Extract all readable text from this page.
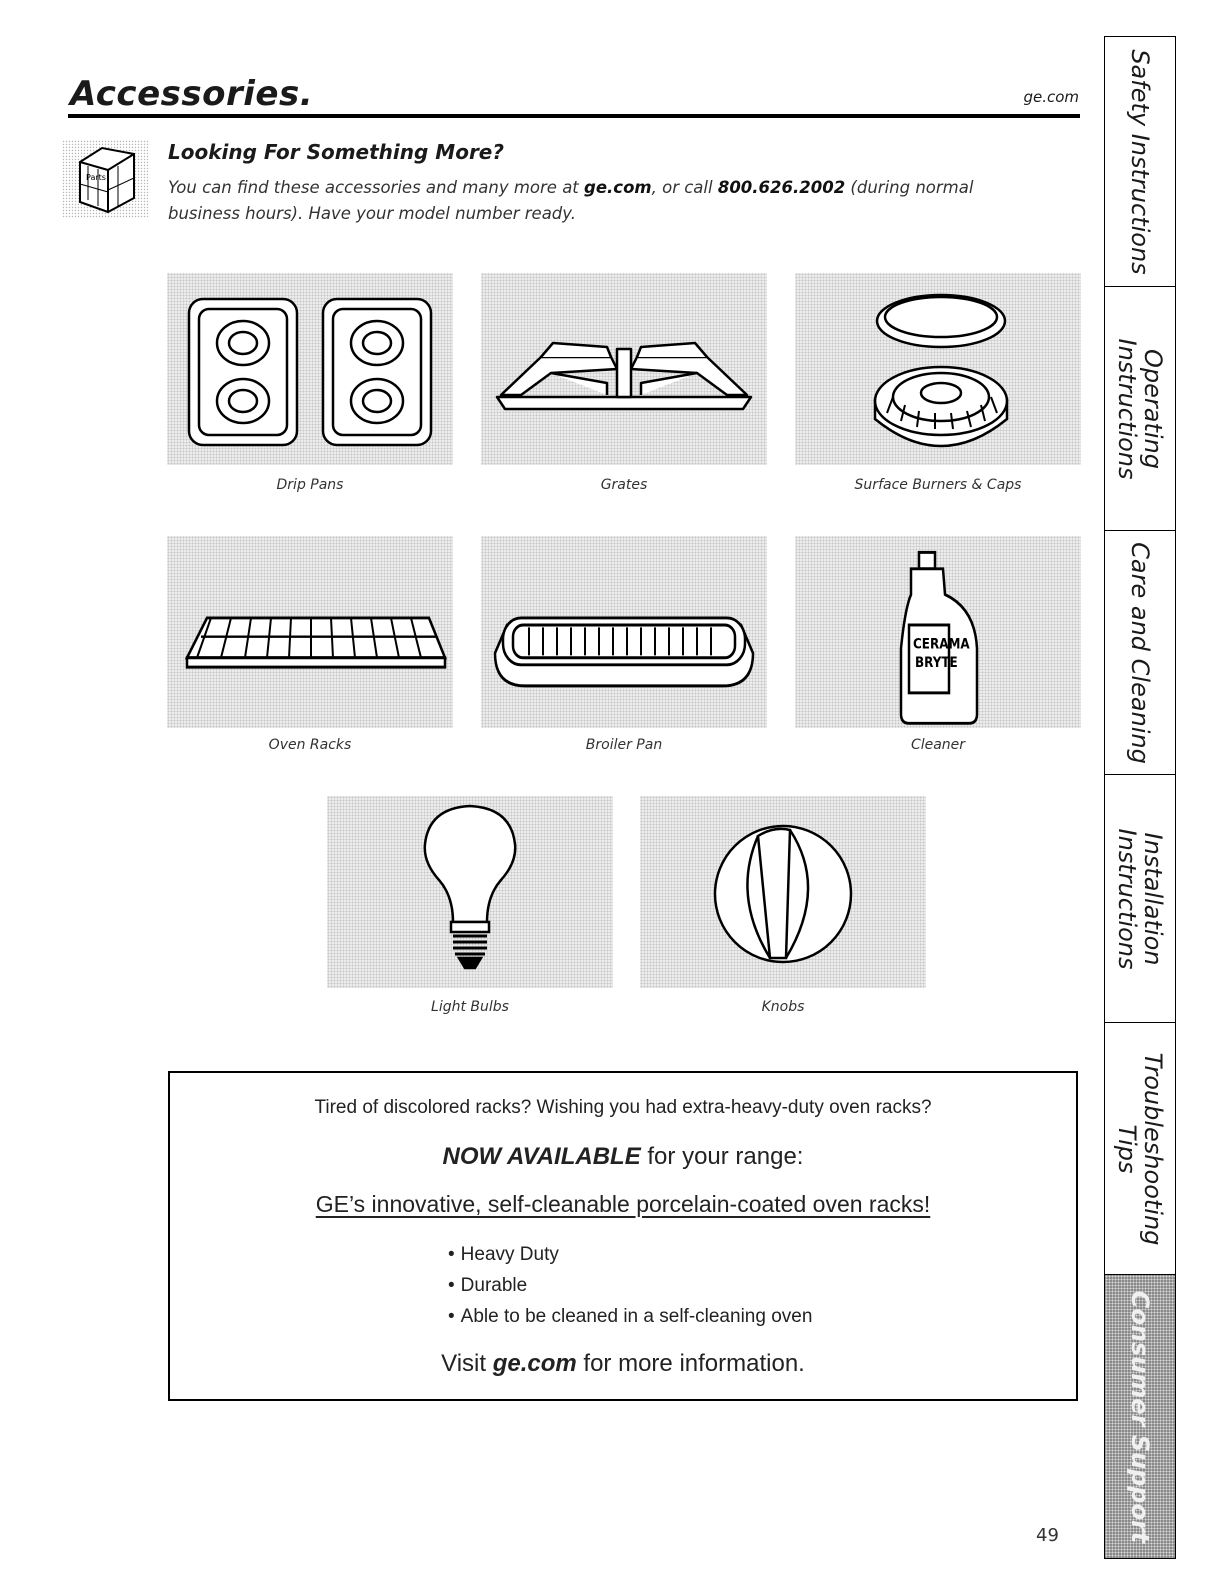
Accessories.	ge.com
Parts
Looking For Something More?
You can find these accessories and many more at ge.com, or call 800.626.2002 (during normal business hours). Have your model number ready.
Drip Pans	Grates	Surface Burners & Caps
Oven Racks	Broiler Pan
CERAMA
BRYTE
Cleaner
Light Bulbs	Knobs
Tired of discolored racks? Wishing you had extra-heavy-duty oven racks?
NOW AVAILABLE for your range:
GE’s innovative, self-cleanable porcelain-coated oven racks!
• Heavy Duty
• Durable
• Able to be cleaned in a self-cleaning oven
Visit ge.com for more information.
49
Safety Instructions
Operating Instructions
Care and Cleaning
Installation Instructions
Troubleshooting Tips
Consumer Support
